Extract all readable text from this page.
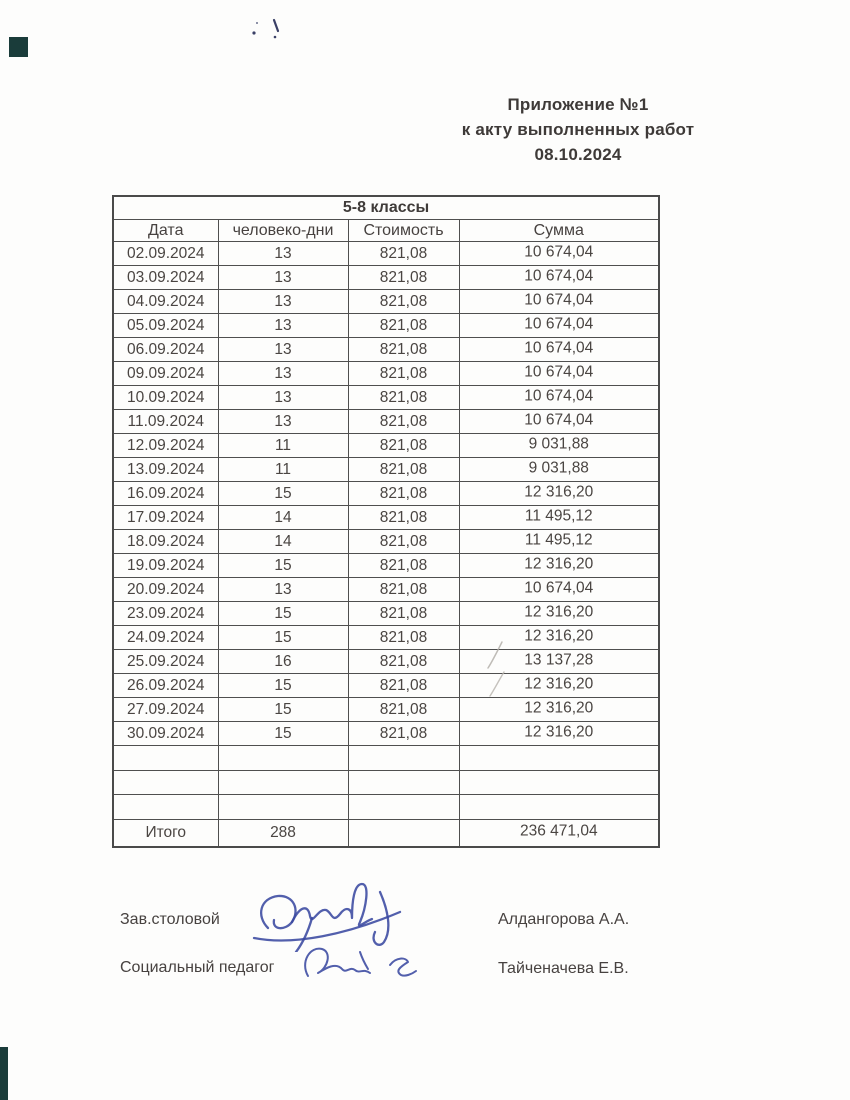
Приложение №1
к акту выполненных работ
08.10.2024
5-8 классы			
Дата	человеко-дни	Стоимость	Сумма
02.09.2024	13	821,08	10 674,04
03.09.2024	13	821,08	10 674,04
04.09.2024	13	821,08	10 674,04
05.09.2024	13	821,08	10 674,04
06.09.2024	13	821,08	10 674,04
09.09.2024	13	821,08	10 674,04
10.09.2024	13	821,08	10 674,04
11.09.2024	13	821,08	10 674,04
12.09.2024	11	821,08	9 031,88
13.09.2024	11	821,08	9 031,88
16.09.2024	15	821,08	12 316,20
17.09.2024	14	821,08	11 495,12
18.09.2024	14	821,08	11 495,12
19.09.2024	15	821,08	12 316,20
20.09.2024	13	821,08	10 674,04
23.09.2024	15	821,08	12 316,20
24.09.2024	15	821,08	12 316,20
25.09.2024	16	821,08	13 137,28
26.09.2024	15	821,08	12 316,20
27.09.2024	15	821,08	12 316,20
30.09.2024	15	821,08	12 316,20

Итого	288		236 471,04
Зав.столовой	Алдангорова А.А.
Социальный педагог	Тайченачева Е.В.
